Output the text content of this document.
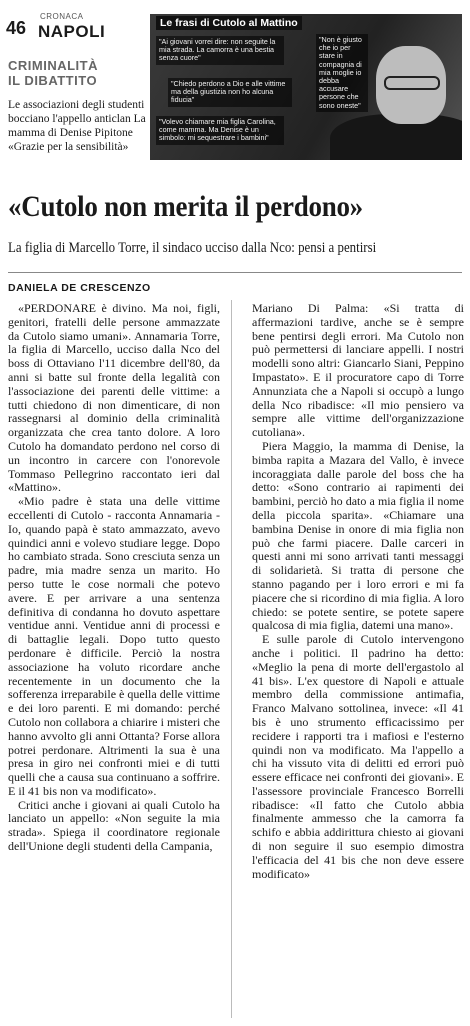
46
CRONACA
NAPOLI
CRIMINALITÀ
IL DIBATTITO
Le associazioni degli studenti bocciano l'appello anticlan La mamma di Denise Pipitone «Grazie per la sensibilità»
Le frasi di Cutolo al Mattino
"Ai giovani vorrei dire: non seguite la mia strada. La camorra è una bestia senza cuore"
"Chiedo perdono a Dio e alle vittime ma della giustizia non ho alcuna fiducia"
"Volevo chiamare mia figlia Carolina, come mamma. Ma Denise è un simbolo: mi sequestrare i bambini"
"Non è giusto che io per stare in compagnia di mia moglie io debba accusare persone che sono oneste"
«Cutolo non merita il perdono»
La figlia di Marcello Torre, il sindaco ucciso dalla Nco: pensi a pentirsi
DANIELA DE CRESCENZO

«PERDONARE è divino. Ma noi, figli, genitori, fratelli delle persone ammazzate da Cutolo siamo umani». Annamaria Torre, la figlia di Marcello, ucciso dalla Nco del boss di Ottaviano l'11 dicembre dell'80, da anni si batte sul fronte della legalità con l'associazione dei parenti delle vittime: a tutti chiedono di non dimenticare, di non rassegnarsi al dominio della criminalità organizzata che crea tanto dolore. A loro Cutolo ha domandato perdono nel corso di un incontro in carcere con l'onorevole Tommaso Pellegrino raccontato ieri dal «Mattino».

«Mio padre è stata una delle vittime eccellenti di Cutolo - racconta Annamaria - Io, quando papà è stato ammazzato, avevo quindici anni e volevo studiare legge. Dopo ho cambiato strada. Sono cresciuta senza un padre, mia madre senza un marito. Ho perso tutte le cose normali che potevo avere. E per arrivare a una sentenza definitiva di condanna ho dovuto aspettare ventidue anni. Ventidue anni di processi e di battaglie legali. Dopo tutto questo perdonare è difficile. Perciò la nostra associazione ha voluto ricordare anche recentemente in un documento che la sofferenza irreparabile è quella delle vittime e dei loro parenti. E mi domando: perché Cutolo non collabora a chiarire i misteri che hanno avvolto gli anni Ottanta? Forse allora potrei perdonare. Altrimenti la sua è una presa in giro nei confronti miei e di tutti quelli che a causa sua continuano a soffrire. E il 41 bis non va modificato».

Critici anche i giovani ai quali Cutolo ha lanciato un appello: «Non seguite la mia strada». Spiega il coordinatore regionale dell'Unione degli studenti della Campania,

Mariano Di Palma: «Si tratta di affermazioni tardive, anche se è sempre bene pentirsi degli errori. Ma Cutolo non può permettersi di lanciare appelli. I nostri modelli sono altri: Giancarlo Siani, Peppino Impastato». E il procuratore capo di Torre Annunziata che a Napoli si occupò a lungo della Nco ribadisce: «Il mio pensiero va sempre alle vittime dell'organizzazione cutoliana».

Piera Maggio, la mamma di Denise, la bimba rapita a Mazara del Vallo, è invece incoraggiata dalle parole del boss che ha detto: «Sono contrario ai rapimenti dei bambini, perciò ho dato a mia figlia il nome della piccola sparita». «Chiamare una bambina Denise in onore di mia figlia non può che farmi piacere. Dalle carceri in questi anni mi sono arrivati tanti messaggi di solidarietà. Si tratta di persone che stanno pagando per i loro errori e mi fa piacere che si ricordino di mia figlia. A loro chiedo: se potete sentire, se potete sapere qualcosa di mia figlia, datemi una mano».

E sulle parole di Cutolo intervengono anche i politici. Il padrino ha detto: «Meglio la pena di morte dell'ergastolo al 41 bis». L'ex questore di Napoli e attuale membro della commissione antimafia, Franco Malvano sottolinea, invece: «Il 41 bis è uno strumento efficacissimo per recidere i rapporti tra i mafiosi e l'esterno quindi non va modificato. Ma l'appello a chi ha vissuto vita di delitti ed errori può essere efficace nei confronti dei giovani». E l'assessore provinciale Francesco Borrelli ribadisce: «Il fatto che Cutolo abbia finalmente ammesso che la camorra fa schifo e abbia addirittura chiesto ai giovani di non seguire il suo esempio dimostra l'efficacia del 41 bis che non deve essere modificato»
